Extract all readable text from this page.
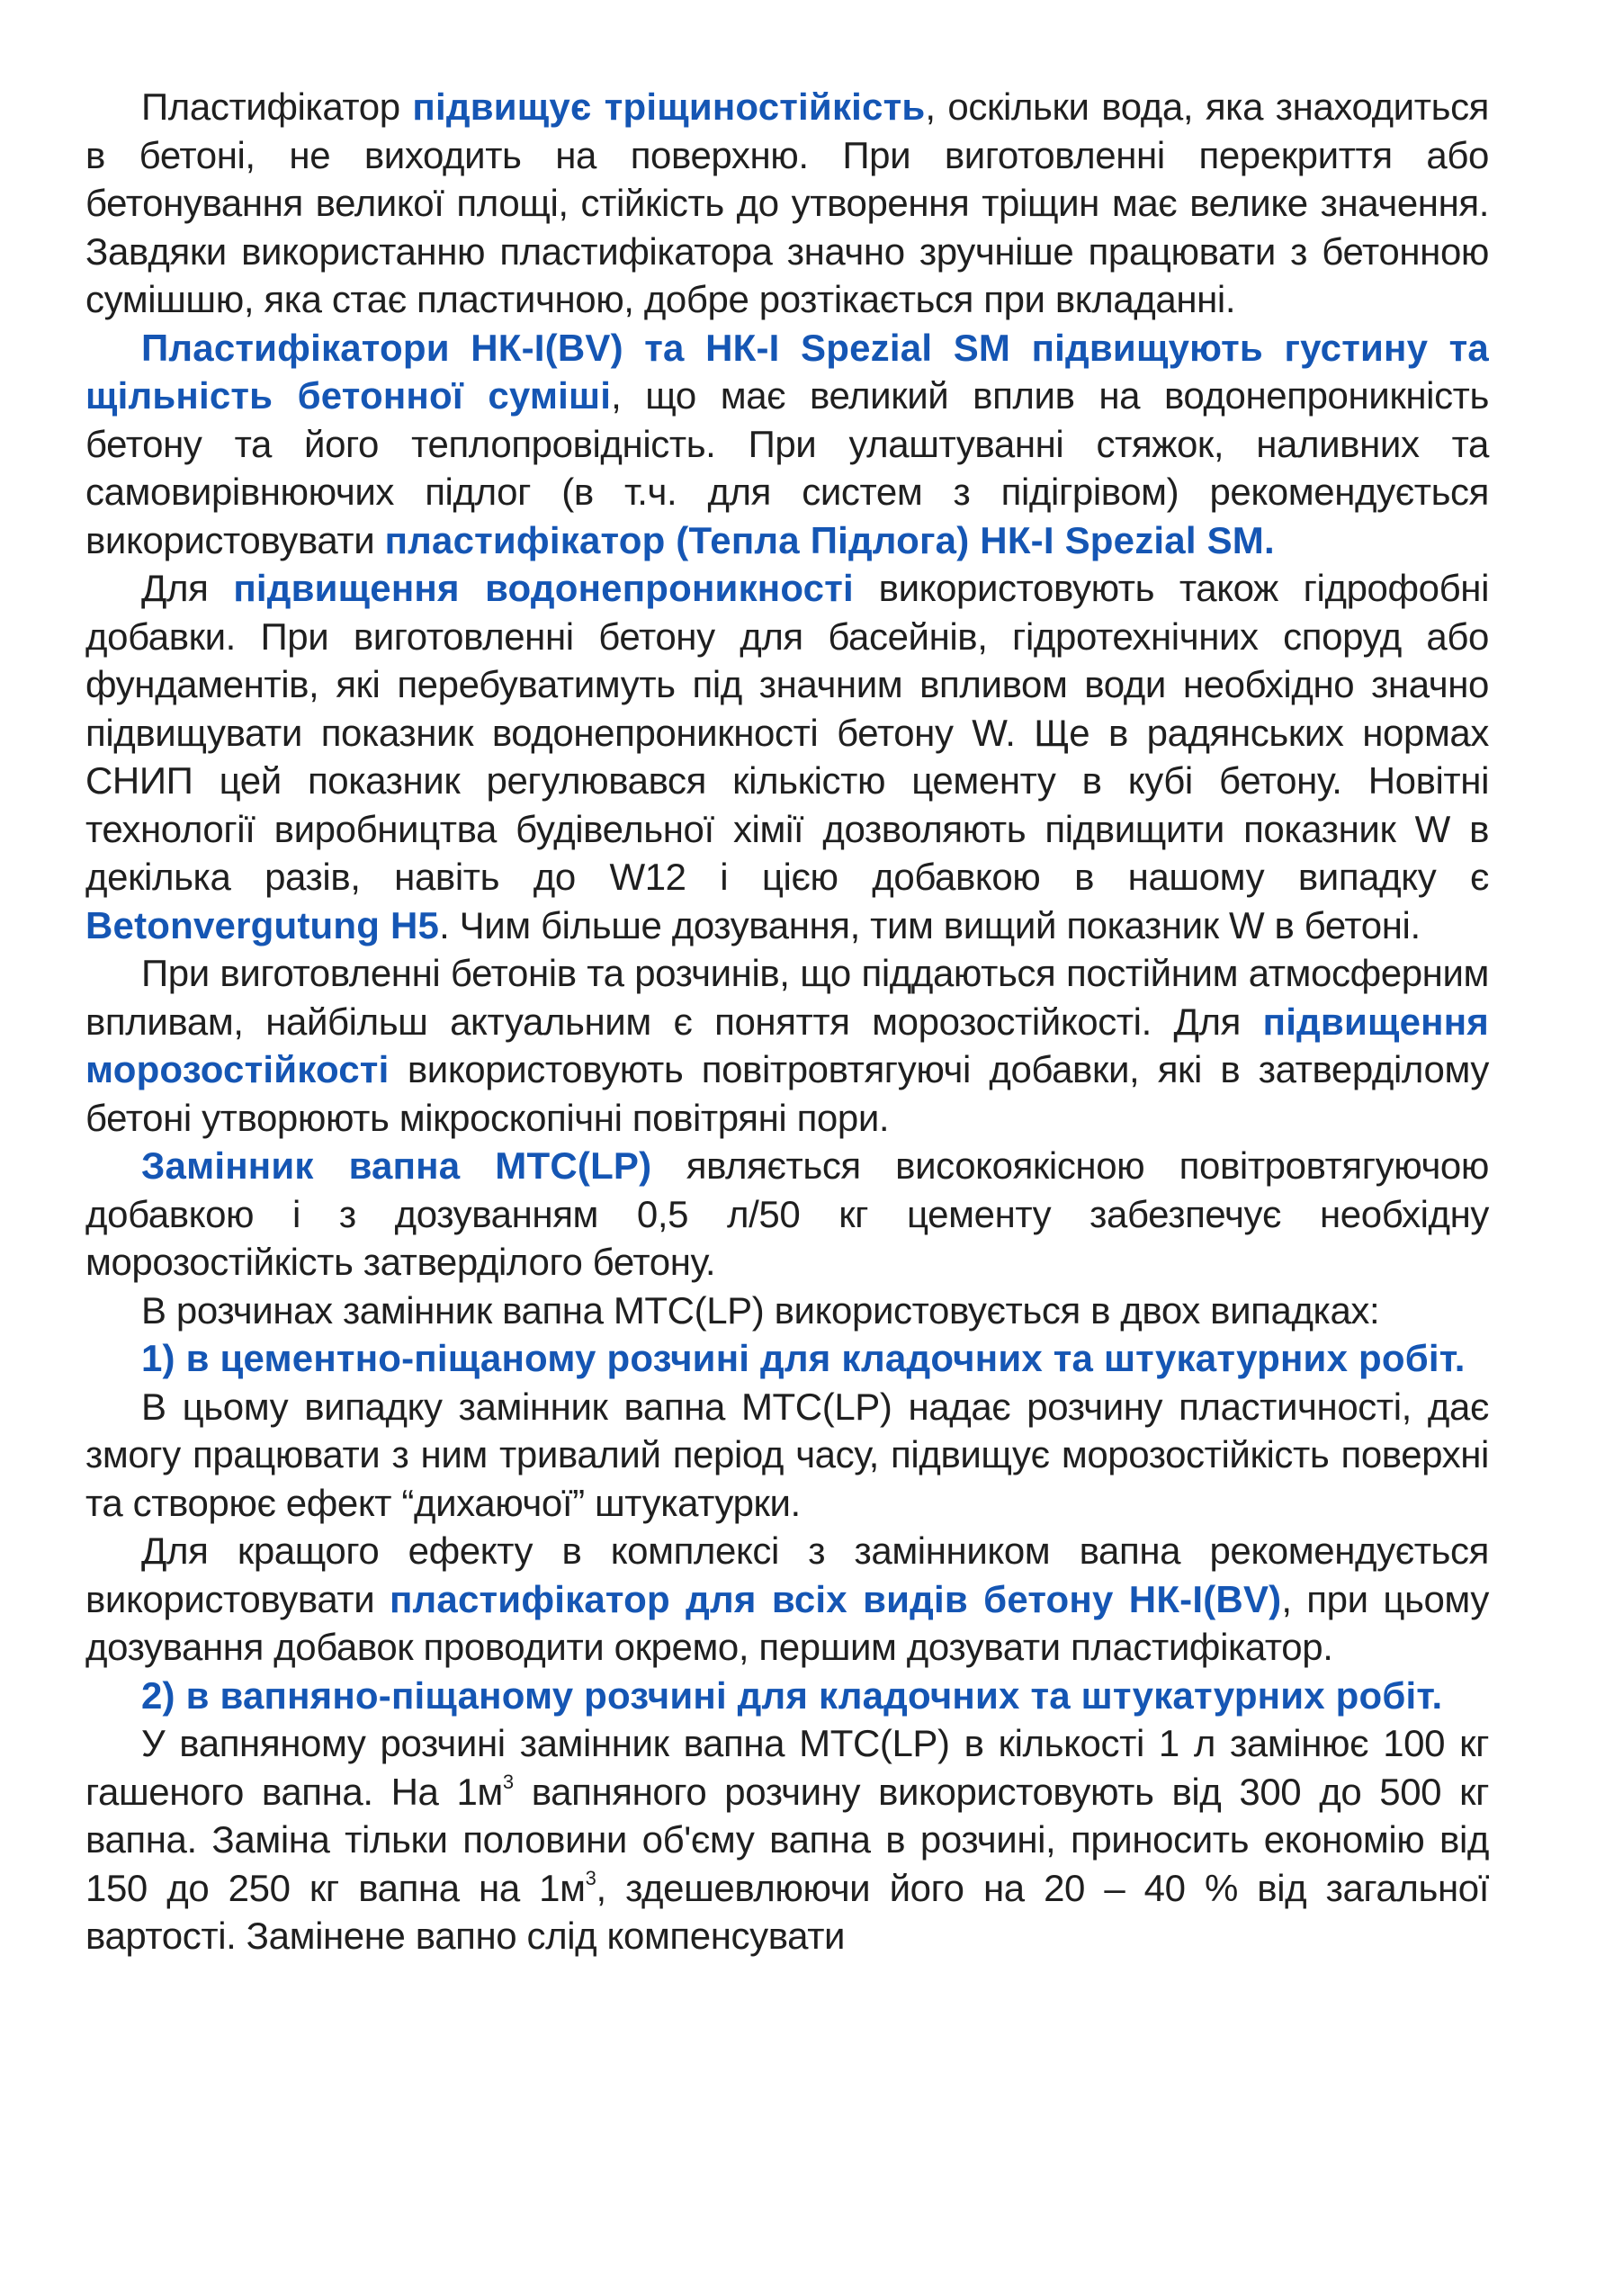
Пластифікатор підвищує тріщиностійкість, оскільки вода, яка знаходиться в бетоні, не виходить на поверхню. При виготовленні перекриття або бетонування великої площі, стійкість до утворення тріщин має велике значення. Завдяки використанню пластифікатора значно зручніше працювати з бетонною сумішшю, яка стає пластичною, добре розтікається при вкладанні.

Пластифікатори НК-I(BV) та НК-I Spezial SM підвищують густину та щільність бетонної суміші, що має великий вплив на водонепроникність бетону та його теплопровідність. При улаштуванні стяжок, наливних та самовирівнюючих підлог (в т.ч. для систем з підігрівом) рекомендується використовувати пластифікатор (Тепла Підлога) НК-I Spezial SM.

Для підвищення водонепроникності використовують також гідрофобні добавки. При виготовленні бетону для басейнів, гідротехнічних споруд або фундаментів, які перебуватимуть під значним впливом води необхідно значно підвищувати показник водонепроникності бетону W. Ще в радянських нормах СНИП цей показник регулювався кількістю цементу в кубі бетону. Новітні технології виробництва будівельної хімії дозволяють підвищити показник W в декілька разів, навіть до W12 і цією добавкою в нашому випадку є Betonvergutung H5. Чим більше дозування, тим вищий показник W в бетоні.

При виготовленні бетонів та розчинів, що піддаються постійним атмосферним впливам, найбільш актуальним є поняття морозостійкості. Для підвищення морозостійкості використовують повітровтягуючі добавки, які в затверділому бетоні утворюють мікроскопічні повітряні пори.

Замінник вапна МТС(LP) являється високоякісною повітровтягуючою добавкою і з дозуванням 0,5 л/50 кг цементу забезпечує необхідну морозостійкість затверділого бетону.

В розчинах замінник вапна МТС(LP) використовується в двох випадках:

1) в цементно-піщаному розчині для кладочних та штукатурних робіт.

В цьому випадку замінник вапна МТС(LP) надає розчину пластичності, дає змогу працювати з ним тривалий період часу, підвищує морозостійкість поверхні та створює ефект “дихаючої” штукатурки.

Для кращого ефекту в комплексі з замінником вапна рекомендується використовувати пластифікатор для всіх видів бетону НК-I(BV), при цьому дозування добавок проводити окремо, першим дозувати пластифікатор.

2) в вапняно-піщаному розчині для кладочних та штукатурних робіт.

У вапняному розчині замінник вапна МТС(LP) в кількості 1 л замінює 100 кг гашеного вапна. На $1м^3$ вапняного розчину використовують від 300 до 500 кг вапна. Заміна тільки половини об'єму вапна в розчині, приносить економію від 150 до 250 кг вапна на $1м^3$, здешевлюючи його на 20 – 40 % від загальної вартості. Замінене вапно слід компенсувати
